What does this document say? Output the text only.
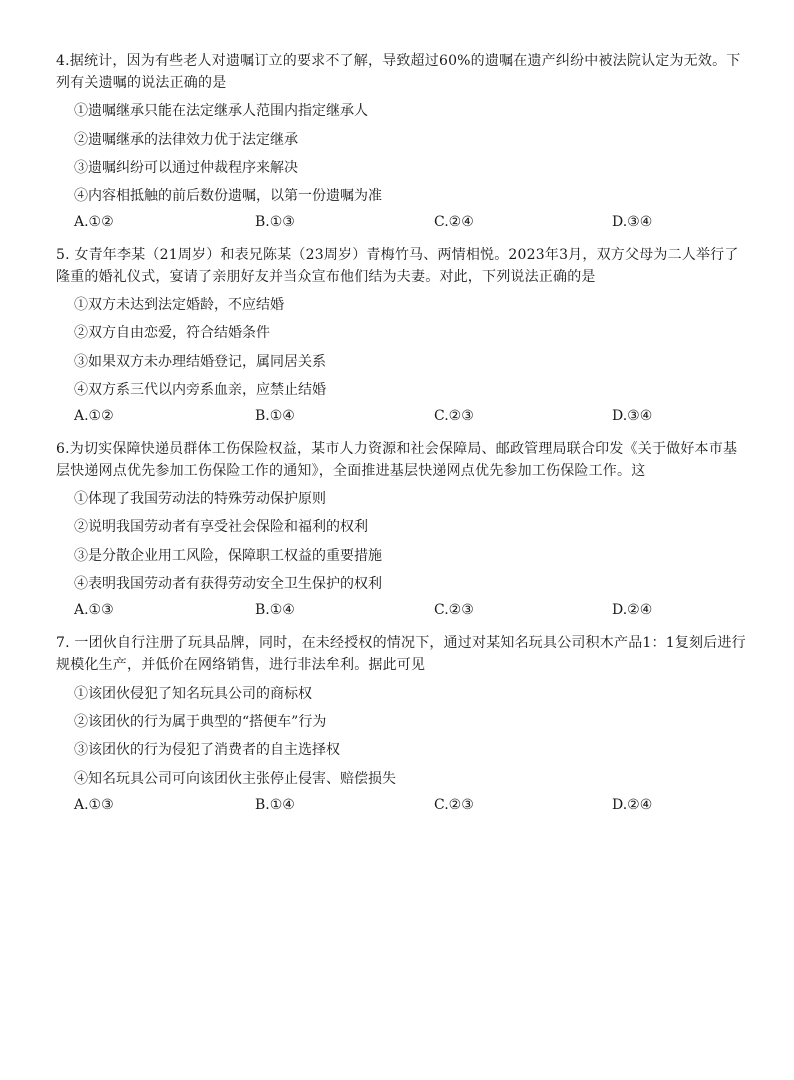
4.据统计，因为有些老人对遗嘱订立的要求不了解，导致超过60%的遗嘱在遗产纠纷中被法院认定为无效。下列有关遗嘱的说法正确的是
①遗嘱继承只能在法定继承人范围内指定继承人
②遗嘱继承的法律效力优于法定继承
③遗嘱纠纷可以通过仲裁程序来解决
④内容相抵触的前后数份遗嘱，以第一份遗嘱为准
A.①②	B.①③	C.②④	D.③④
5. 女青年李某（21周岁）和表兄陈某（23周岁）青梅竹马、两情相悦。2023年3月，双方父母为二人举行了隆重的婚礼仪式，宴请了亲朋好友并当众宣布他们结为夫妻。对此，下列说法正确的是
①双方未达到法定婚龄，不应结婚
②双方自由恋爱，符合结婚条件
③如果双方未办理结婚登记，属同居关系
④双方系三代以内旁系血亲，应禁止结婚
A.①②	B.①④	C.②③	D.③④
6.为切实保障快递员群体工伤保险权益，某市人力资源和社会保障局、邮政管理局联合印发《关于做好本市基层快递网点优先参加工伤保险工作的通知》，全面推进基层快递网点优先参加工伤保险工作。这
①体现了我国劳动法的特殊劳动保护原则
②说明我国劳动者有享受社会保险和福利的权利
③是分散企业用工风险，保障职工权益的重要措施
④表明我国劳动者有获得劳动安全卫生保护的权利
A.①③	B.①④	C.②③	D.②④
7. 一团伙自行注册了玩具品牌，同时，在未经授权的情况下，通过对某知名玩具公司积木产品1：1复刻后进行规模化生产，并低价在网络销售，进行非法牟利。据此可见
①该团伙侵犯了知名玩具公司的商标权
②该团伙的行为属于典型的“搭便车”行为
③该团伙的行为侵犯了消费者的自主选择权
④知名玩具公司可向该团伙主张停止侵害、赔偿损失
A.①③	B.①④	C.②③	D.②④
